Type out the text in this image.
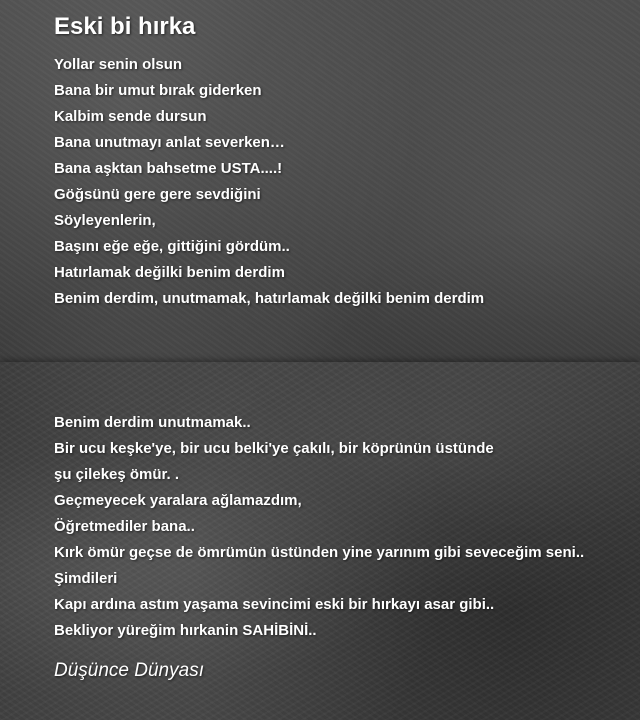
Eski bi hırka
Yollar senin olsun
Bana bir umut bırak giderken
Kalbim sende dursun
Bana unutmayı anlat severken…
Bana aşktan bahsetme USTA....!
Göğsünü gere gere sevdiğini
Söyleyenlerin,
Başını eğe eğe, gittiğini gördüm..
Hatırlamak değilki benim derdim
Benim derdim, unutmamak, hatırlamak değilki benim derdim
Benim derdim unutmamak..
Bir ucu keşke'ye, bir ucu belki'ye çakılı, bir köprünün üstünde
şu çilekeş ömür. .
Geçmeyecek yaralara ağlamazdım,
Öğretmediler bana..
Kırk ömür geçse de ömrümün üstünden yine yarınım gibi seveceğim seni..
Şimdileri
Kapı ardına astım yaşama sevincimi eski bir hırkayı asar gibi..
Bekliyor yüreğim hırkanin SAHİBİNİ..
Düşünce Dünyası
